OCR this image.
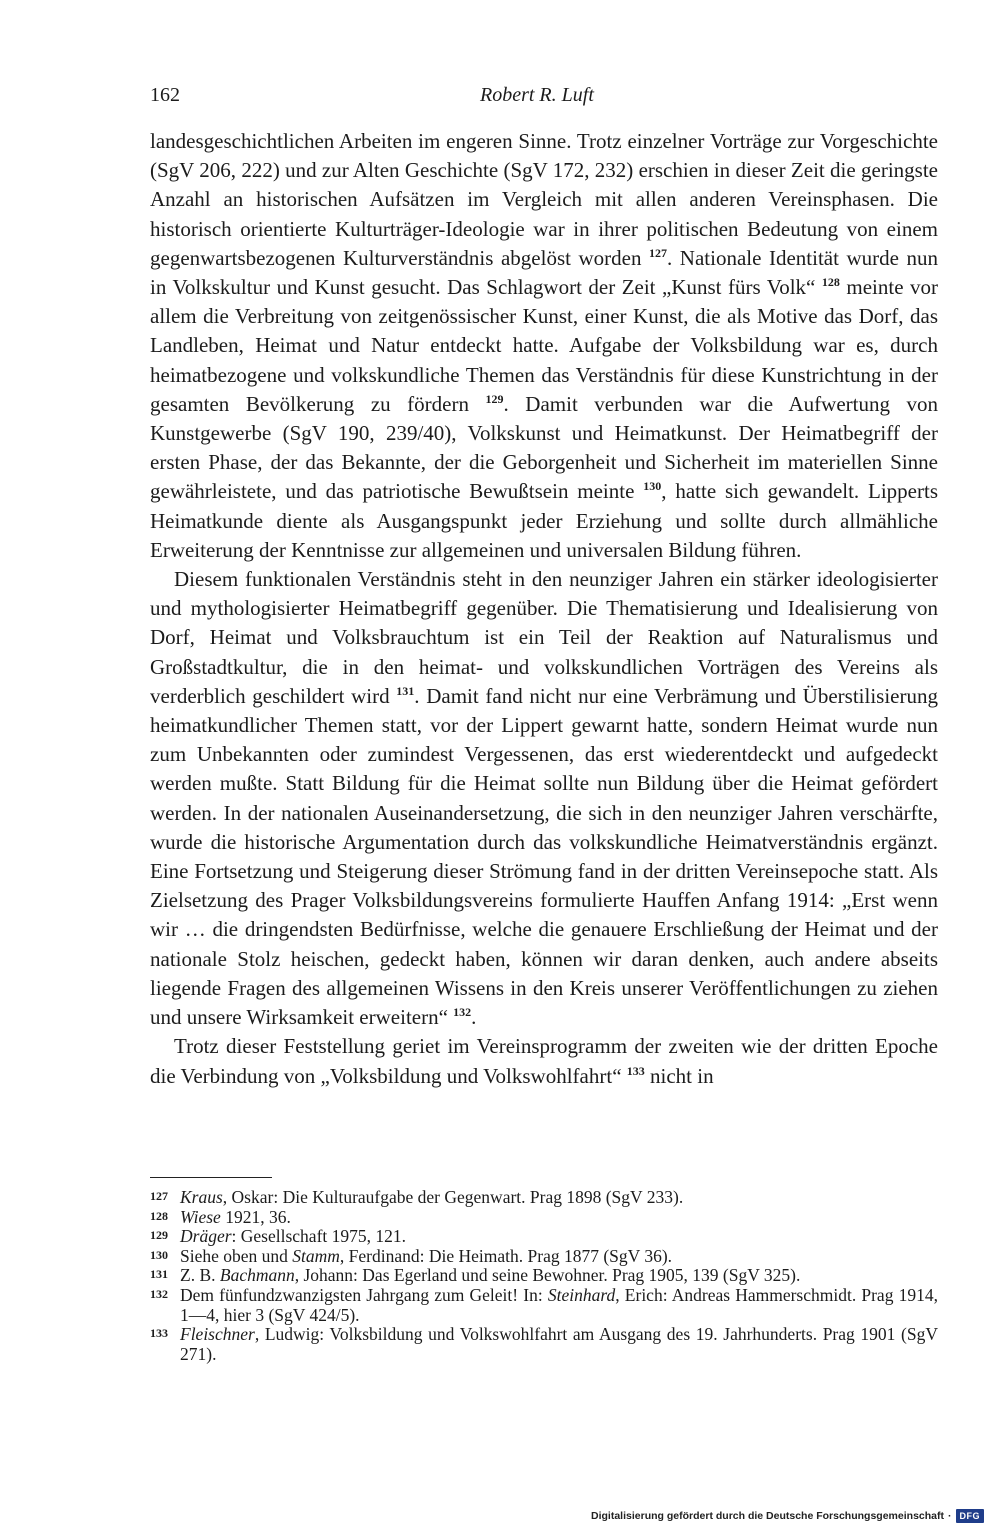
162	Robert R. Luft

landesgeschichtlichen Arbeiten im engeren Sinne. Trotz einzelner Vorträge zur Vorgeschichte (SgV 206, 222) und zur Alten Geschichte (SgV 172, 232) erschien in dieser Zeit die geringste Anzahl an historischen Aufsätzen im Vergleich mit allen anderen Vereinsphasen. Die historisch orientierte Kulturträger-Ideologie war in ihrer politischen Bedeutung von einem gegenwartsbezogenen Kulturverständnis abgelöst worden $^{127}$. Nationale Identität wurde nun in Volkskultur und Kunst gesucht. Das Schlagwort der Zeit „Kunst fürs Volk“ $^{128}$ meinte vor allem die Verbreitung von zeitgenössischer Kunst, einer Kunst, die als Motive das Dorf, das Landleben, Heimat und Natur entdeckt hatte. Aufgabe der Volksbildung war es, durch heimatbezogene und volkskundliche Themen das Verständnis für diese Kunstrichtung in der gesamten Bevölkerung zu fördern $^{129}$. Damit verbunden war die Aufwertung von Kunstgewerbe (SgV 190, 239/40), Volkskunst und Heimatkunst. Der Heimatbegriff der ersten Phase, der das Bekannte, der die Geborgenheit und Sicherheit im materiellen Sinne gewährleistete, und das patriotische Bewußtsein meinte $^{130}$, hatte sich gewandelt. Lipperts Heimatkunde diente als Ausgangspunkt jeder Erziehung und sollte durch allmähliche Erweiterung der Kenntnisse zur allgemeinen und universalen Bildung führen.

Diesem funktionalen Verständnis steht in den neunziger Jahren ein stärker ideologisierter und mythologisierter Heimatbegriff gegenüber. Die Thematisierung und Idealisierung von Dorf, Heimat und Volksbrauchtum ist ein Teil der Reaktion auf Naturalismus und Großstadtkultur, die in den heimat- und volkskundlichen Vorträgen des Vereins als verderblich geschildert wird $^{131}$. Damit fand nicht nur eine Verbrämung und Überstilisierung heimatkundlicher Themen statt, vor der Lippert gewarnt hatte, sondern Heimat wurde nun zum Unbekannten oder zumindest Vergessenen, das erst wiederentdeckt und aufgedeckt werden mußte. Statt Bildung für die Heimat sollte nun Bildung über die Heimat gefördert werden. In der nationalen Auseinandersetzung, die sich in den neunziger Jahren verschärfte, wurde die historische Argumentation durch das volkskundliche Heimatverständnis ergänzt. Eine Fortsetzung und Steigerung dieser Strömung fand in der dritten Vereinsepoche statt. Als Zielsetzung des Prager Volksbildungsvereins formulierte Hauffen Anfang 1914: „Erst wenn wir … die dringendsten Bedürfnisse, welche die genauere Erschließung der Heimat und der nationale Stolz heischen, gedeckt haben, können wir daran denken, auch andere abseits liegende Fragen des allgemeinen Wissens in den Kreis unserer Veröffentlichungen zu ziehen und unsere Wirksamkeit erweitern“ $^{132}$.

Trotz dieser Feststellung geriet im Vereinsprogramm der zweiten wie der dritten Epoche die Verbindung von „Volksbildung und Volkswohlfahrt“ $^{133}$ nicht in

127 Kraus, Oskar: Die Kulturaufgabe der Gegenwart. Prag 1898 (SgV 233).
128 Wiese 1921, 36.
129 Dräger: Gesellschaft 1975, 121.
130 Siehe oben und Stamm, Ferdinand: Die Heimath. Prag 1877 (SgV 36).
131 Z. B. Bachmann, Johann: Das Egerland und seine Bewohner. Prag 1905, 139 (SgV 325).
132 Dem fünfundzwanzigsten Jahrgang zum Geleit! In: Steinhard, Erich: Andreas Hammerschmidt. Prag 1914, 1—4, hier 3 (SgV 424/5).
133 Fleischner, Ludwig: Volksbildung und Volkswohlfahrt am Ausgang des 19. Jahrhunderts. Prag 1901 (SgV 271).
Digitalisierung gefördert durch die Deutsche Forschungsgemeinschaft · DFG
